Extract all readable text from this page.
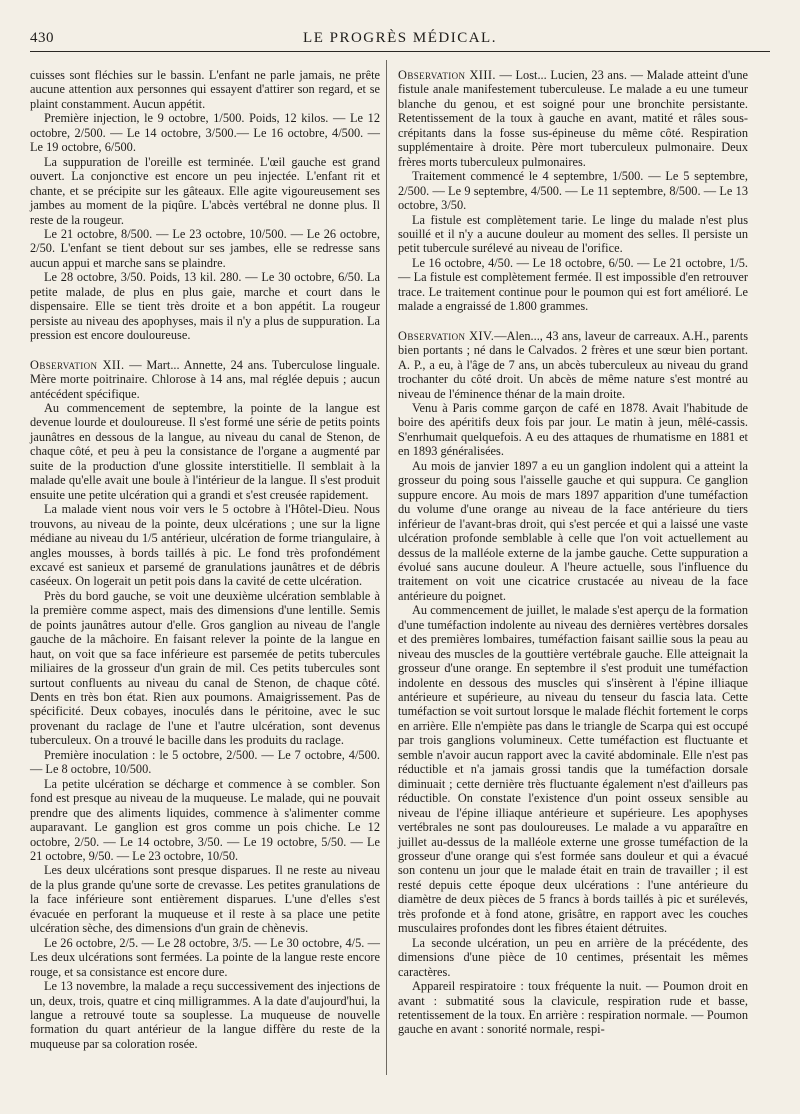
430	LE PROGRÈS MÉDICAL.

cuisses sont fléchies sur le bassin. L'enfant ne parle jamais, ne prête aucune attention aux personnes qui essayent d'attirer son regard, et se plaint constamment. Aucun appétit.

Première injection, le 9 octobre, 1/500. Poids, 12 kilos. — Le 12 octobre, 2/500. — Le 14 octobre, 3/500.— Le 16 octobre, 4/500. — Le 19 octobre, 6/500.

La suppuration de l'oreille est terminée. L'œil gauche est grand ouvert. La conjonctive est encore un peu injectée. L'enfant rit et chante, et se précipite sur les gâteaux. Elle agite vigoureusement ses jambes au moment de la piqûre. L'abcès vertébral ne donne plus. Il reste de la rougeur.

Le 21 octobre, 8/500. — Le 23 octobre, 10/500. — Le 26 octobre, 2/50. L'enfant se tient debout sur ses jambes, elle se redresse sans aucun appui et marche sans se plaindre.

Le 28 octobre, 3/50. Poids, 13 kil. 280. — Le 30 octobre, 6/50. La petite malade, de plus en plus gaie, marche et court dans le dispensaire. Elle se tient très droite et a bon appétit. La rougeur persiste au niveau des apophyses, mais il n'y a plus de suppuration. La pression est encore douloureuse.

Observation XII. — Mart... Annette, 24 ans. Tuberculose linguale. Mère morte poitrinaire. Chlorose à 14 ans, mal réglée depuis ; aucun antécédent spécifique.

Au commencement de septembre, la pointe de la langue est devenue lourde et douloureuse. Il s'est formé une série de petits points jaunâtres en dessous de la langue, au niveau du canal de Stenon, de chaque côté, et peu à peu la consistance de l'organe a augmenté par suite de la production d'une glossite interstitielle. Il semblait à la malade qu'elle avait une boule à l'intérieur de la langue. Il s'est produit ensuite une petite ulcération qui a grandi et s'est creusée rapidement.

La malade vient nous voir vers le 5 octobre à l'Hôtel-Dieu. Nous trouvons, au niveau de la pointe, deux ulcérations ; une sur la ligne médiane au niveau du 1/5 antérieur, ulcération de forme triangulaire, à angles mousses, à bords taillés à pic. Le fond très profondément excavé est sanieux et parsemé de granulations jaunâtres et de débris caséeux. On logerait un petit pois dans la cavité de cette ulcération.

Près du bord gauche, se voit une deuxième ulcération semblable à la première comme aspect, mais des dimensions d'une lentille. Semis de points jaunâtres autour d'elle. Gros ganglion au niveau de l'angle gauche de la mâchoire. En faisant relever la pointe de la langue en haut, on voit que sa face inférieure est parsemée de petits tubercules miliaires de la grosseur d'un grain de mil. Ces petits tubercules sont surtout confluents au niveau du canal de Stenon, de chaque côté. Dents en très bon état. Rien aux poumons. Amaigrissement. Pas de spécificité. Deux cobayes, inoculés dans le péritoine, avec le suc provenant du raclage de l'une et l'autre ulcération, sont devenus tuberculeux. On a trouvé le bacille dans les produits du raclage.

Première inoculation : le 5 octobre, 2/500. — Le 7 octobre, 4/500. — Le 8 octobre, 10/500.

La petite ulcération se décharge et commence à se combler. Son fond est presque au niveau de la muqueuse. Le malade, qui ne pouvait prendre que des aliments liquides, commence à s'alimenter comme auparavant. Le ganglion est gros comme un pois chiche. Le 12 octobre, 2/50. — Le 14 octobre, 3/50. — Le 19 octobre, 5/50. — Le 21 octobre, 9/50. — Le 23 octobre, 10/50.

Les deux ulcérations sont presque disparues. Il ne reste au niveau de la plus grande qu'une sorte de crevasse. Les petites granulations de la face inférieure sont entièrement disparues. L'une d'elles s'est évacuée en perforant la muqueuse et il reste à sa place une petite ulcération sèche, des dimensions d'un grain de chènevis.

Le 26 octobre, 2/5. — Le 28 octobre, 3/5. — Le 30 octobre, 4/5. — Les deux ulcérations sont fermées. La pointe de la langue reste encore rouge, et sa consistance est encore dure.

Le 13 novembre, la malade a reçu successivement des injections de un, deux, trois, quatre et cinq milligrammes. A la date d'aujourd'hui, la langue a retrouvé toute sa souplesse. La muqueuse de nouvelle formation du quart antérieur de la langue diffère du reste de la muqueuse par sa coloration rosée.

Observation XIII. — Lost... Lucien, 23 ans. — Malade atteint d'une fistule anale manifestement tuberculeuse. Le malade a eu une tumeur blanche du genou, et est soigné pour une bronchite persistante. Retentissement de la toux à gauche en avant, matité et râles sous-crépitants dans la fosse sus-épineuse du même côté. Respiration supplémentaire à droite. Père mort tuberculeux pulmonaire. Deux frères morts tuberculeux pulmonaires.

Traitement commencé le 4 septembre, 1/500. — Le 5 septembre, 2/500. — Le 9 septembre, 4/500. — Le 11 septembre, 8/500. — Le 13 octobre, 3/50.

La fistule est complètement tarie. Le linge du malade n'est plus souillé et il n'y a aucune douleur au moment des selles. Il persiste un petit tubercule surélevé au niveau de l'orifice.

Le 16 octobre, 4/50. — Le 18 octobre, 6/50. — Le 21 octobre, 1/5. — La fistule est complètement fermée. Il est impossible d'en retrouver trace. Le traitement continue pour le poumon qui est fort amélioré. Le malade a engraissé de 1.800 grammes.

Observation XIV.—Alen..., 43 ans, laveur de carreaux. A.H., parents bien portants ; né dans le Calvados. 2 frères et une sœur bien portant. A. P., a eu, à l'âge de 7 ans, un abcès tuberculeux au niveau du grand trochanter du côté droit. Un abcès de même nature s'est montré au niveau de l'éminence thénar de la main droite.

Venu à Paris comme garçon de café en 1878. Avait l'habitude de boire des apéritifs deux fois par jour. Le matin à jeun, mêlé-cassis. S'enrhumait quelquefois. A eu des attaques de rhumatisme en 1881 et en 1893 généralisées.

Au mois de janvier 1897 a eu un ganglion indolent qui a atteint la grosseur du poing sous l'aisselle gauche et qui suppura. Ce ganglion suppure encore. Au mois de mars 1897 apparition d'une tuméfaction du volume d'une orange au niveau de la face antérieure du tiers inférieur de l'avant-bras droit, qui s'est percée et qui a laissé une vaste ulcération profonde semblable à celle que l'on voit actuellement au dessus de la malléole externe de la jambe gauche. Cette suppuration a évolué sans aucune douleur. A l'heure actuelle, sous l'influence du traitement on voit une cicatrice crustacée au niveau de la face antérieure du poignet.

Au commencement de juillet, le malade s'est aperçu de la formation d'une tuméfaction indolente au niveau des dernières vertèbres dorsales et des premières lombaires, tuméfaction faisant saillie sous la peau au niveau des muscles de la gouttière vertébrale gauche. Elle atteignait la grosseur d'une orange. En septembre il s'est produit une tuméfaction indolente en dessous des muscles qui s'insèrent à l'épine illiaque antérieure et supérieure, au niveau du tenseur du fascia lata. Cette tuméfaction se voit surtout lorsque le malade fléchit fortement le corps en arrière. Elle n'empiète pas dans le triangle de Scarpa qui est occupé par trois ganglions volumineux. Cette tuméfaction est fluctuante et semble n'avoir aucun rapport avec la cavité abdominale. Elle n'est pas réductible et n'a jamais grossi tandis que la tuméfaction dorsale diminuait ; cette dernière très fluctuante également n'est d'ailleurs pas réductible. On constate l'existence d'un point osseux sensible au niveau de l'épine illiaque antérieure et supérieure. Les apophyses vertébrales ne sont pas douloureuses. Le malade a vu apparaître en juillet au-dessus de la malléole externe une grosse tuméfaction de la grosseur d'une orange qui s'est formée sans douleur et qui a évacué son contenu un jour que le malade était en train de travailler ; il est resté depuis cette époque deux ulcérations : l'une antérieure du diamètre de deux pièces de 5 francs à bords taillés à pic et surélevés, très profonde et à fond atone, grisâtre, en rapport avec les couches musculaires profondes dont les fibres étaient détruites.

La seconde ulcération, un peu en arrière de la précédente, des dimensions d'une pièce de 10 centimes, présentait les mêmes caractères.

Appareil respiratoire : toux fréquente la nuit. — Poumon droit en avant : submatité sous la clavicule, respiration rude et basse, retentissement de la toux. En arrière : respiration normale. — Poumon gauche en avant : sonorité normale, respi-
